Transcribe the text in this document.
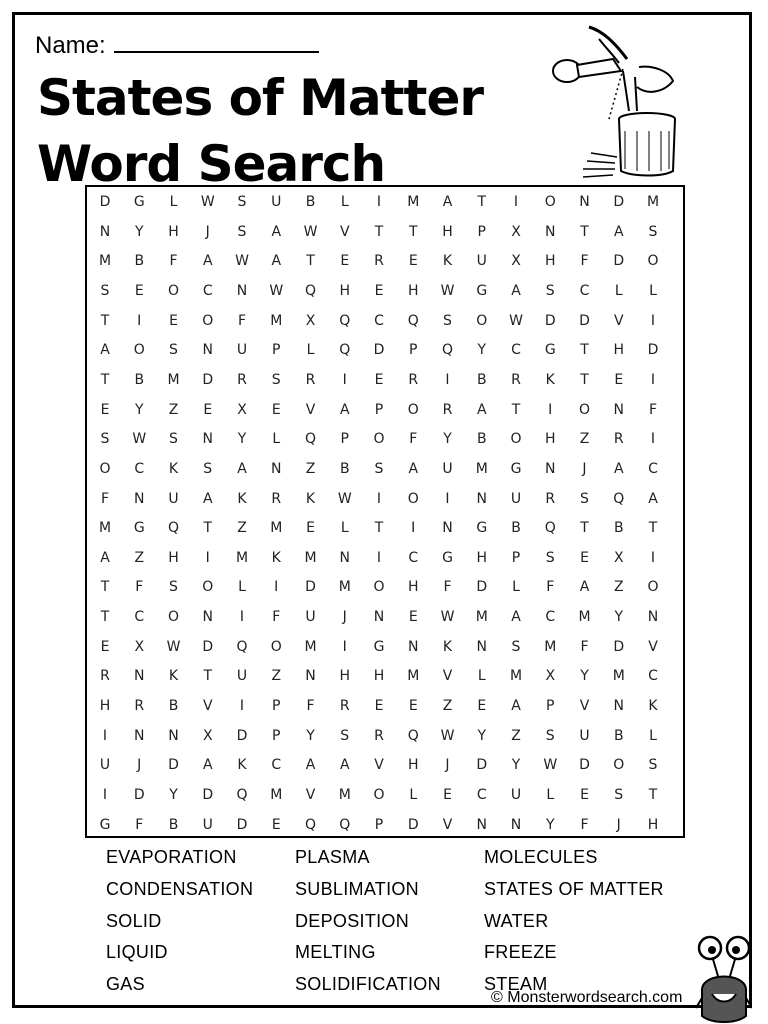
Name:
States of Matter
Word Search
D	G	L	W	S	U	B	L	I	M	A	T	I	O	N	D	M
N	Y	H	J	S	A	W	V	T	T	H	P	X	N	T	A	S
M	B	F	A	W	A	T	E	R	E	K	U	X	H	F	D	O
S	E	O	C	N	W	Q	H	E	H	W	G	A	S	C	L	L
T	I	E	O	F	M	X	Q	C	Q	S	O	W	D	D	V	I
A	O	S	N	U	P	L	Q	D	P	Q	Y	C	G	T	H	D
T	B	M	D	R	S	R	I	E	R	I	B	R	K	T	E	I
E	Y	Z	E	X	E	V	A	P	O	R	A	T	I	O	N	F
S	W	S	N	Y	L	Q	P	O	F	Y	B	O	H	Z	R	I
O	C	K	S	A	N	Z	B	S	A	U	M	G	N	J	A	C
F	N	U	A	K	R	K	W	I	O	I	N	U	R	S	Q	A
M	G	Q	T	Z	M	E	L	T	I	N	G	B	Q	T	B	T
A	Z	H	I	M	K	M	N	I	C	G	H	P	S	E	X	I
T	F	S	O	L	I	D	M	O	H	F	D	L	F	A	Z	O
T	C	O	N	I	F	U	J	N	E	W	M	A	C	M	Y	N
E	X	W	D	Q	O	M	I	G	N	K	N	S	M	F	D	V
R	N	K	T	U	Z	N	H	H	M	V	L	M	X	Y	M	C
H	R	B	V	I	P	F	R	E	E	Z	E	A	P	V	N	K
I	N	N	X	D	P	Y	S	R	Q	W	Y	Z	S	U	B	L
U	J	D	A	K	C	A	A	V	H	J	D	Y	W	D	O	S
I	D	Y	D	Q	M	V	M	O	L	E	C	U	L	E	S	T
G	F	B	U	D	E	Q	Q	P	D	V	N	N	Y	F	J	H
EVAPORATION
CONDENSATION
SOLID
LIQUID
GAS
PLASMA
SUBLIMATION
DEPOSITION
MELTING
SOLIDIFICATION
MOLECULES
STATES OF MATTER
WATER
FREEZE
STEAM
© Monsterwordsearch.com
